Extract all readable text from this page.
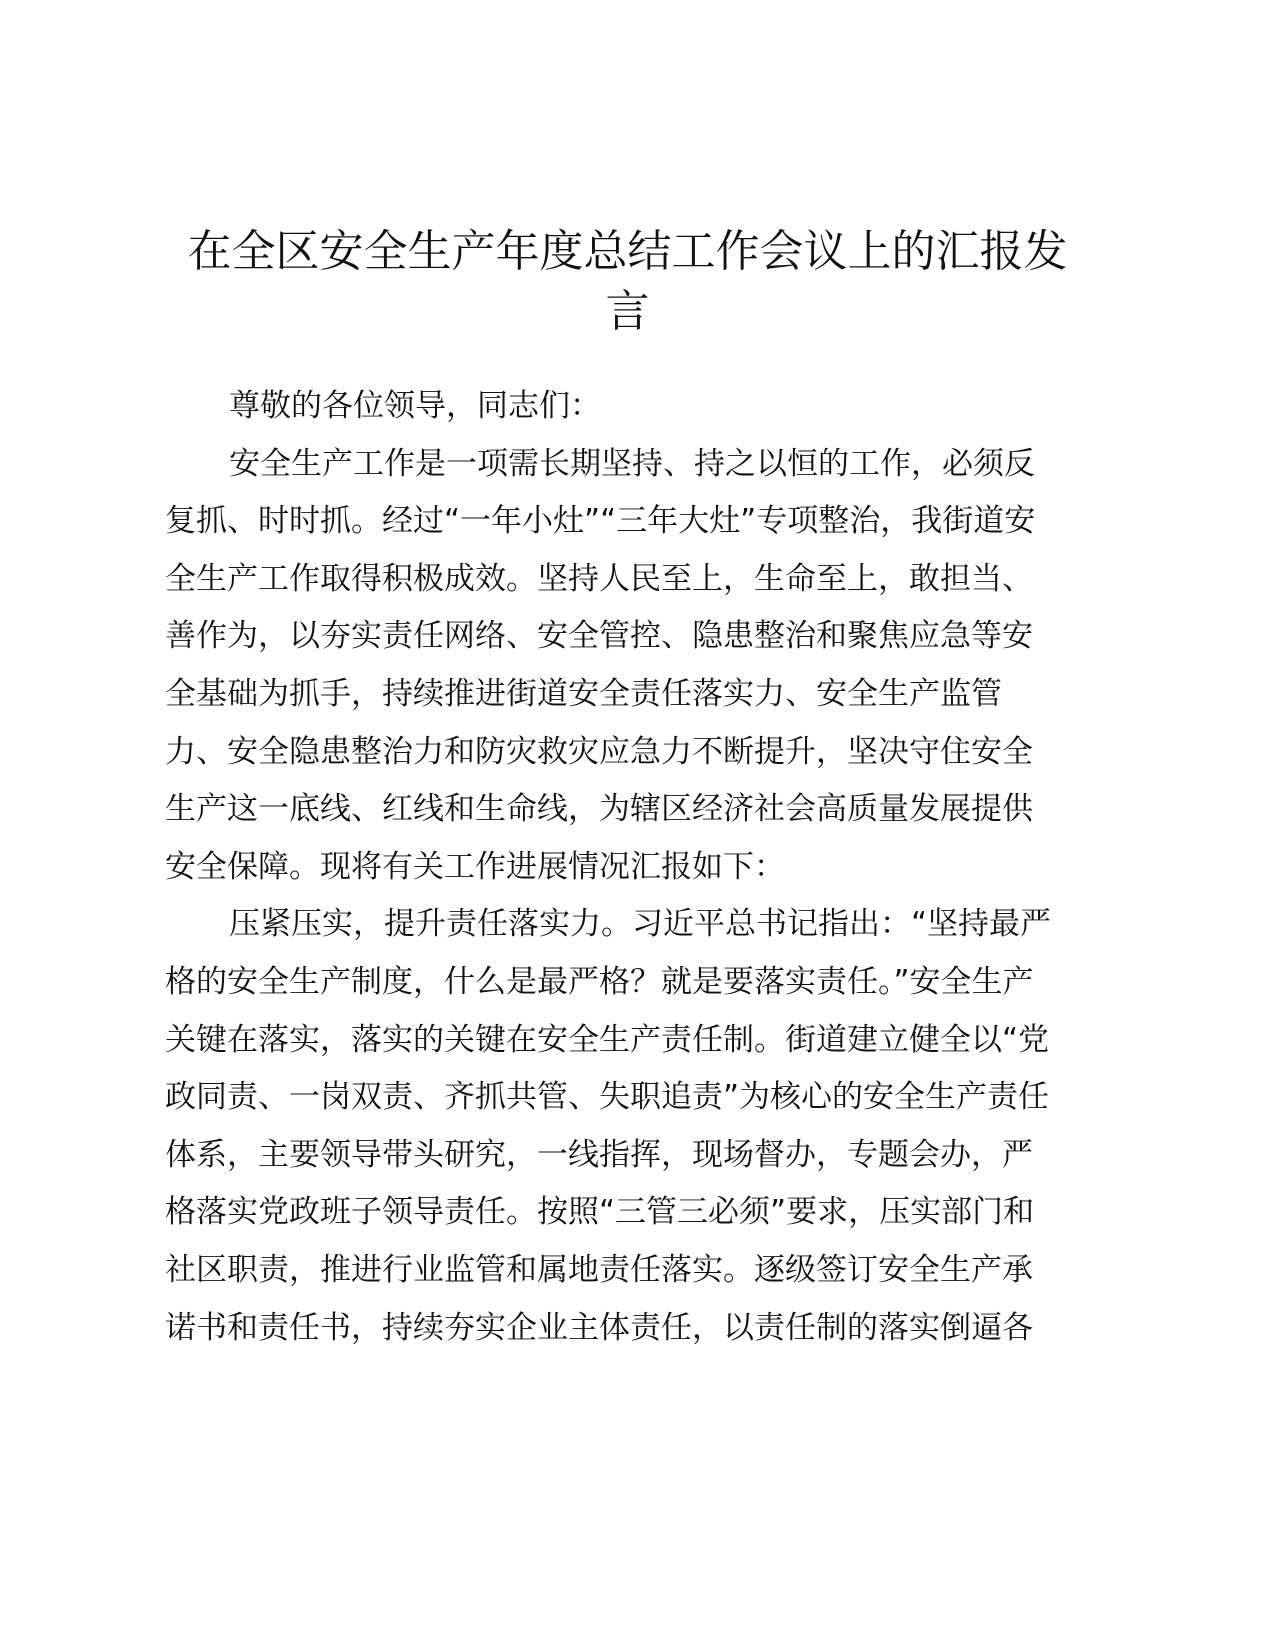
在全区安全生产年度总结工作会议上的汇报发
言
尊敬的各位领导，同志们：
安全生产工作是一项需长期坚持、持之以恒的工作，必须反
复抓、时时抓。经过“一年小灶”“三年大灶”专项整治，我街道安
全生产工作取得积极成效。坚持人民至上，生命至上，敢担当、
善作为，以夯实责任网络、安全管控、隐患整治和聚焦应急等安
全基础为抓手，持续推进街道安全责任落实力、安全生产监管
力、安全隐患整治力和防灾救灾应急力不断提升，坚决守住安全
生产这一底线、红线和生命线，为辖区经济社会高质量发展提供
安全保障。现将有关工作进展情况汇报如下：
压紧压实，提升责任落实力。习近平总书记指出：“坚持最严
格的安全生产制度，什么是最严格？就是要落实责任。”安全生产
关键在落实，落实的关键在安全生产责任制。街道建立健全以“党
政同责、一岗双责、齐抓共管、失职追责”为核心的安全生产责任
体系，主要领导带头研究，一线指挥，现场督办，专题会办，严
格落实党政班子领导责任。按照“三管三必须”要求，压实部门和
社区职责，推进行业监管和属地责任落实。逐级签订安全生产承
诺书和责任书，持续夯实企业主体责任，以责任制的落实倒逼各
